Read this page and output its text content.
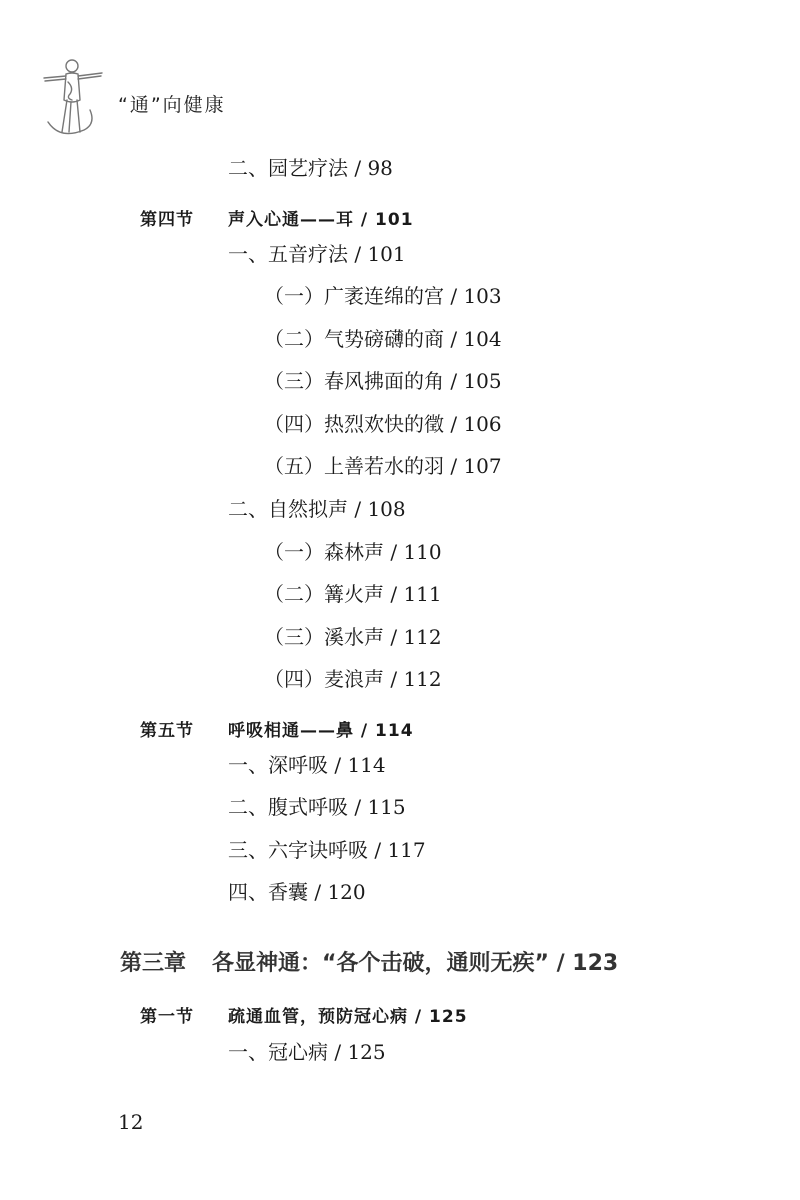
“通”向健康
二、园艺疗法 / 98
第四节 声入心通——耳 / 101
一、五音疗法 / 101
（一）广袤连绵的宫 / 103
（二）气势磅礴的商 / 104
（三）春风拂面的角 / 105
（四）热烈欢快的徵 / 106
（五）上善若水的羽 / 107
二、自然拟声 / 108
（一）森林声 / 110
（二）篝火声 / 111
（三）溪水声 / 112
（四）麦浪声 / 112
第五节 呼吸相通——鼻 / 114
一、深呼吸 / 114
二、腹式呼吸 / 115
三、六字诀呼吸 / 117
四、香囊 / 120
第三章 各显神通：“各个击破，通则无疾” / 123
第一节 疏通血管，预防冠心病 / 125
一、冠心病 / 125
12
